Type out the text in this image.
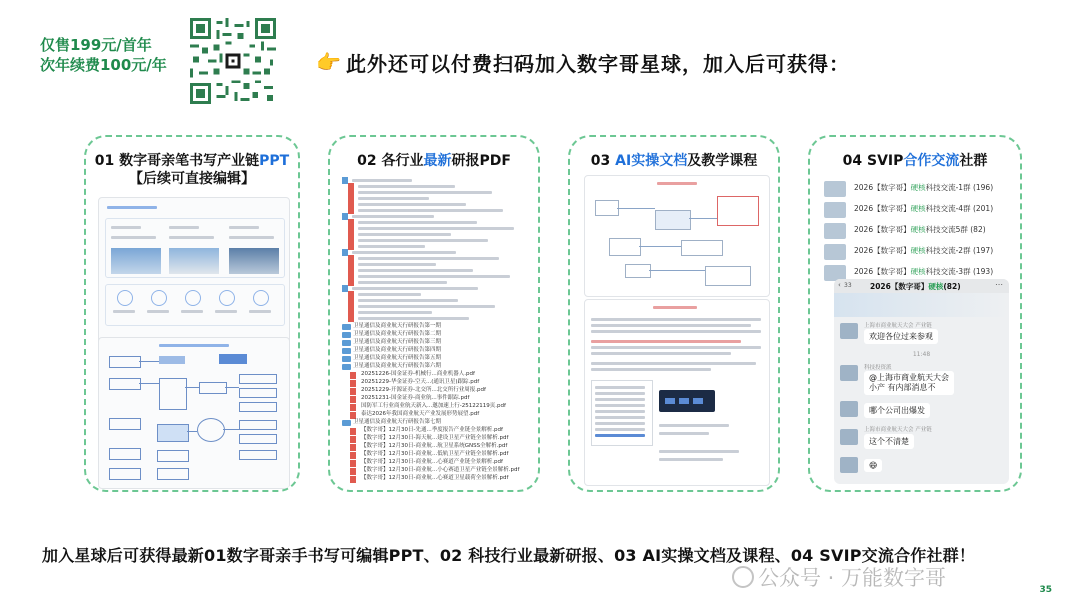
仅售199元/首年
次年续费100元/年	👉 此外还可以付费扫码加入数字哥星球，加入后可获得：
01 数字哥亲笔书写产业链PPT
【后续可直接编辑】
02 各行业最新研报PDF
卫星通信及商业航天行研报告第一期
卫星通信及商业航天行研报告第二期
卫星通信及商业航天行研报告第三期
卫星通信及商业航天行研报告第四期
卫星通信及商业航天行研报告第五期
卫星通信及商业航天行研报告第六期
20251226-国金证券-机械行...商业机器人.pdf
20251229-华金证券-空天...(通讯卫星)跟踪.pdf
20251229-开源证券-北交所...北交所行业周报.pdf
20251231-国金证券-商业航...事件跟踪.pdf
国防军工行业商业航天新入...邀加速上行-25122119页.pdf
泰达2026年我国商业航天产业发展形势展望.pdf
卫星通信及商业航天行研报告第七期
【数字哥】12月30日-先通...季度报告产业链全景解析.pdf
【数字哥】12月30日-海天航...建设卫星产业链全景解析.pdf
【数字哥】12月30日-商业航...航卫星系统GNSS全解析.pdf
【数字哥】12月30日-商业航...低轨卫星产业链全景解析.pdf
【数字哥】12月30日-商业航...心赛道产业链全景解析.pdf
【数字哥】12月30日-商业航...小心赛道卫星产业链全景解析.pdf
【数字哥】12月30日-商业航...心赛道卫星载荷全景解析.pdf
03 AI实操文档及教学课程	04 SVIP合作交流社群
2026【数字哥】硬核科技交流-1群 (196)
2026【数字哥】硬核科技交流-4群 (201)
2026【数字哥】硬核科技交流5群 (82)
2026【数字哥】硬核科技交流-2群 (197)
2026【数字哥】硬核科技交流-3群 (193)
‹ 33 2026【数字哥】硬核(82)	⋯
上海市商业航天大会 产业链
欢迎各位过来参观
11:48
科技投资派
@上海市商业航天大会
小产 有内部消息不
哪个公司出爆发
上海市商业航天大会 产业链
这个不清楚
😄
加入星球后可获得最新01数字哥亲手书写可编辑PPT、02 科技行业最新研报、03 AI实操文档及课程、04 SVIP交流合作社群！
公众号 · 万能数字哥	35
